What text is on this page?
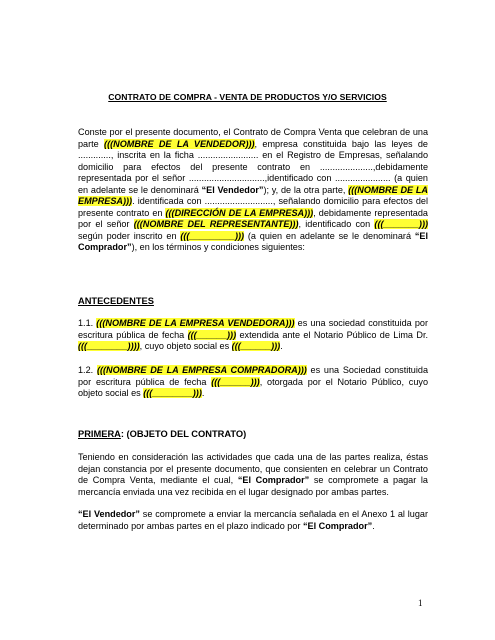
CONTRATO DE COMPRA - VENTA DE PRODUCTOS Y/O SERVICIOS
Conste por el presente documento, el Contrato de Compra Venta que celebran de una parte (((NOMBRE DE LA VENDEDOR))), empresa constituida bajo las leyes de ............., inscrita en la ficha ........................ en el Registro de Empresas, señalando domicilio para efectos del presente contrato en .....................,debidamente representada por el señor ..............................,identificado con ...................... (a quien en adelante se le denominará “El Vendedor”); y, de la otra parte, (((NOMBRE DE LA EMPRESA))). identificada con ..........................., señalando domicilio para efectos del presente contrato en (((DIRECCIÓN DE LA EMPRESA))), debidamente representada por el señor (((NOMBRE DEL REPRESENTANTE))), identificado con (((_______))) según poder inscrito en (((_________))) (a quien en adelante se le denominará “El Comprador”), en los términos y condiciones siguientes:
ANTECEDENTES
1.1. (((NOMBRE DE LA EMPRESA VENDEDORA))) es una sociedad constituida por escritura pública de fecha (((______))) extendida ante el Notario Público de Lima Dr. (((________)))), cuyo objeto social es (((______))).
1.2. (((NOMBRE DE LA EMPRESA COMPRADORA))) es una Sociedad constituida por escritura pública de fecha (((______))), otorgada por el Notario Público, cuyo objeto social es (((________))).
PRIMERA: (OBJETO DEL CONTRATO)
Teniendo en consideración las actividades que cada una de las partes realiza, éstas dejan constancia por el presente documento, que consienten en celebrar un Contrato de Compra Venta, mediante el cual, “El Comprador” se compromete a pagar la mercancía enviada una vez recibida en el lugar designado por ambas partes.
“El Vendedor” se compromete a enviar la mercancía señalada en el Anexo 1 al lugar determinado por ambas partes en el plazo indicado por “El Comprador”.
1
